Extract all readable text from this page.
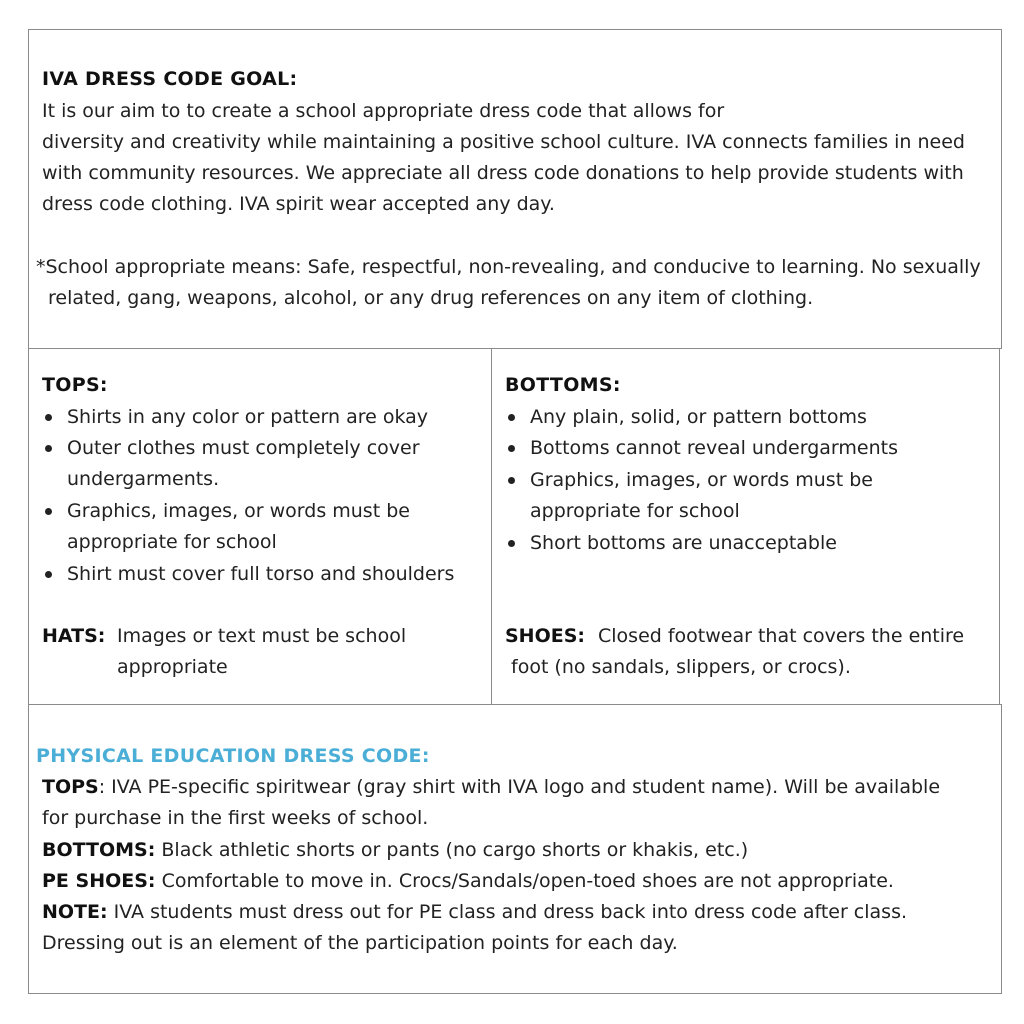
IVA DRESS CODE GOAL:
It is our aim to to create a school appropriate dress code that allows for
diversity and creativity while maintaining a positive school culture. IVA connects families in need
with community resources. We appreciate all dress code donations to help provide students with
dress code clothing. IVA spirit wear accepted any day.
*School appropriate means: Safe, respectful, non-revealing, and conducive to learning. No sexually
related, gang, weapons, alcohol, or any drug references on any item of clothing.
TOPS:
Shirts in any color or pattern are okay
Outer clothes must completely cover
undergarments.
Graphics, images, or words must be
appropriate for school
Shirt must cover full torso and shoulders
HATS: Images or text must be school
appropriate
BOTTOMS:
Any plain, solid, or pattern bottoms
Bottoms cannot reveal undergarments
Graphics, images, or words must be
appropriate for school
Short bottoms are unacceptable
SHOES: Closed footwear that covers the entire
foot (no sandals, slippers, or crocs).
PHYSICAL EDUCATION DRESS CODE:
TOPS: IVA PE-specific spiritwear (gray shirt with IVA logo and student name). Will be available
for purchase in the first weeks of school.
BOTTOMS: Black athletic shorts or pants (no cargo shorts or khakis, etc.)
PE SHOES: Comfortable to move in. Crocs/Sandals/open-toed shoes are not appropriate.
NOTE: IVA students must dress out for PE class and dress back into dress code after class.
Dressing out is an element of the participation points for each day.
